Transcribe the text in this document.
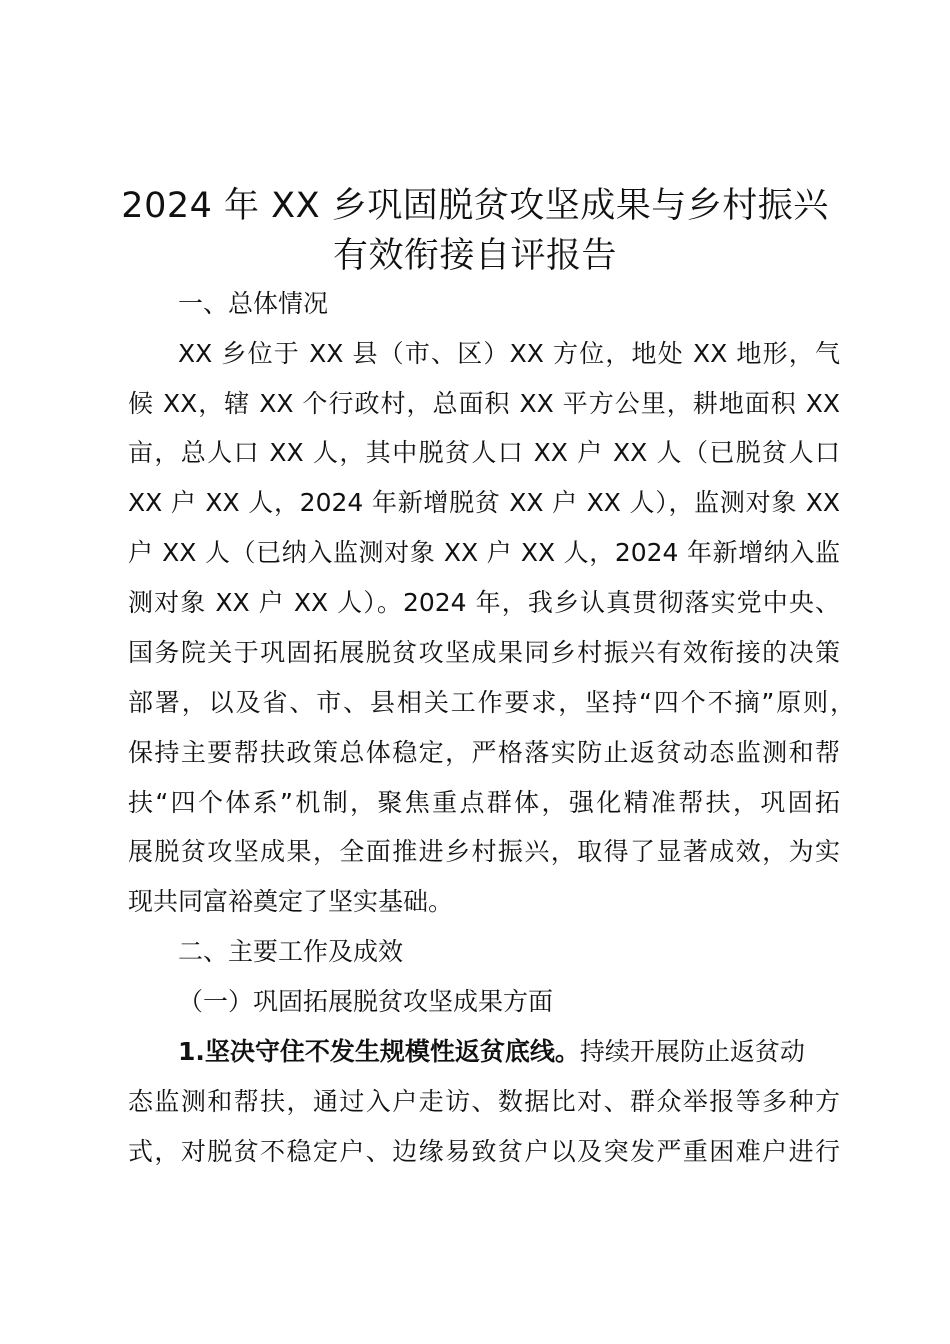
2024 年 XX 乡巩固脱贫攻坚成果与乡村振兴
有效衔接自评报告
一、总体情况
XX 乡位于 XX 县（市、区）XX 方位，地处 XX 地形，气
候 XX，辖 XX 个行政村，总面积 XX 平方公里，耕地面积 XX
亩，总人口 XX 人，其中脱贫人口 XX 户 XX 人（已脱贫人口
XX 户 XX 人，2024 年新增脱贫 XX 户 XX 人），监测对象 XX
户 XX 人（已纳入监测对象 XX 户 XX 人，2024 年新增纳入监
测对象 XX 户 XX 人）。2024 年，我乡认真贯彻落实党中央、
国务院关于巩固拓展脱贫攻坚成果同乡村振兴有效衔接的决策
部署，以及省、市、县相关工作要求，坚持“四个不摘”原则，
保持主要帮扶政策总体稳定，严格落实防止返贫动态监测和帮
扶“四个体系”机制，聚焦重点群体，强化精准帮扶，巩固拓
展脱贫攻坚成果，全面推进乡村振兴，取得了显著成效，为实
现共同富裕奠定了坚实基础。
二、主要工作及成效
（一）巩固拓展脱贫攻坚成果方面
1.坚决守住不发生规模性返贫底线。持续开展防止返贫动
态监测和帮扶，通过入户走访、数据比对、群众举报等多种方
式，对脱贫不稳定户、边缘易致贫户以及突发严重困难户进行
